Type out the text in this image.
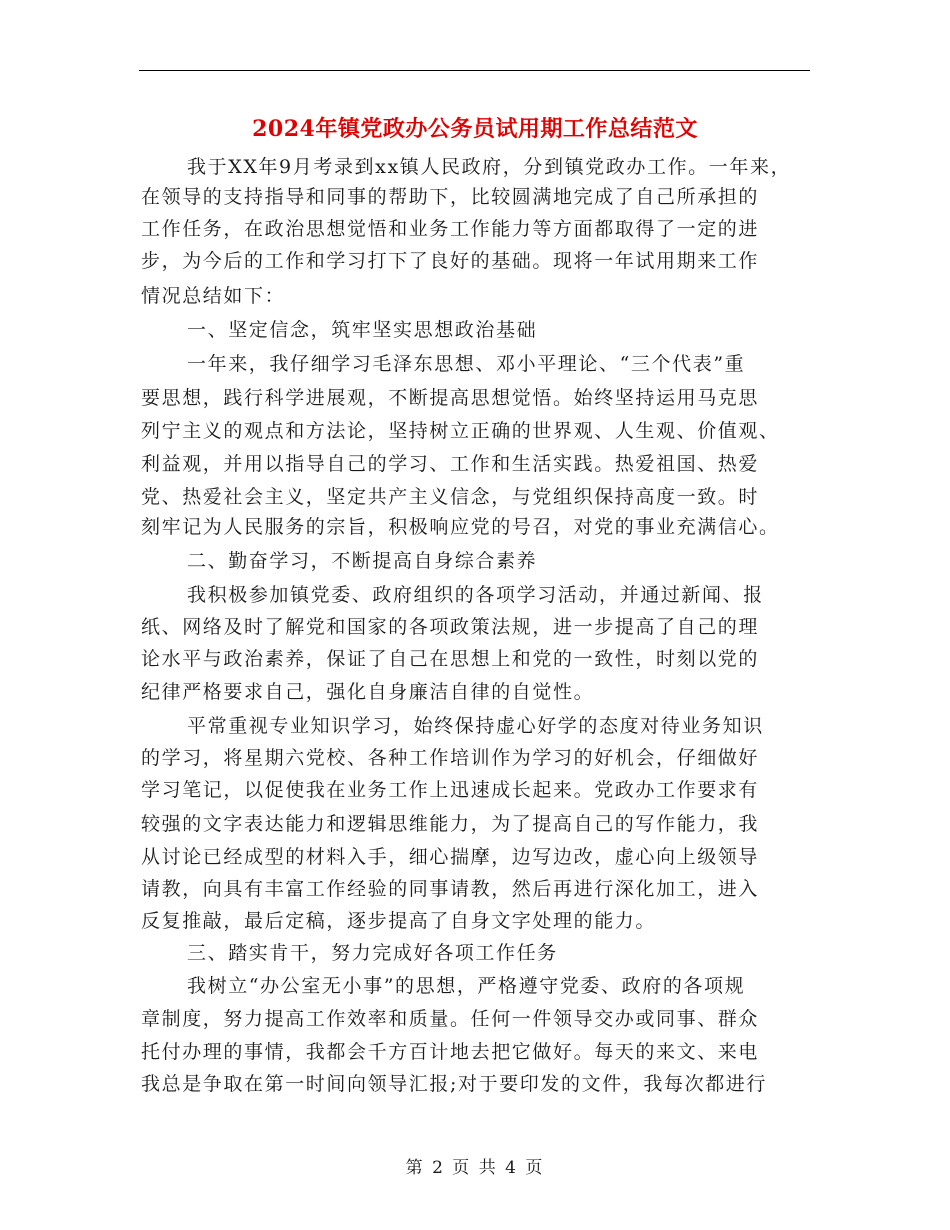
2024年镇党政办公务员试用期工作总结范文
我于XX年9月考录到xx镇人民政府，分到镇党政办工作。一年来，
在领导的支持指导和同事的帮助下，比较圆满地完成了自己所承担的
工作任务，在政治思想觉悟和业务工作能力等方面都取得了一定的进
步，为今后的工作和学习打下了良好的基础。现将一年试用期来工作
情况总结如下：
一、坚定信念，筑牢坚实思想政治基础
一年来，我仔细学习毛泽东思想、邓小平理论、“三个代表”重
要思想，践行科学进展观，不断提高思想觉悟。始终坚持运用马克思
列宁主义的观点和方法论，坚持树立正确的世界观、人生观、价值观、
利益观，并用以指导自己的学习、工作和生活实践。热爱祖国、热爱
党、热爱社会主义，坚定共产主义信念，与党组织保持高度一致。时
刻牢记为人民服务的宗旨，积极响应党的号召，对党的事业充满信心。
二、勤奋学习，不断提高自身综合素养
我积极参加镇党委、政府组织的各项学习活动，并通过新闻、报
纸、网络及时了解党和国家的各项政策法规，进一步提高了自己的理
论水平与政治素养，保证了自己在思想上和党的一致性，时刻以党的
纪律严格要求自己，强化自身廉洁自律的自觉性。
平常重视专业知识学习，始终保持虚心好学的态度对待业务知识
的学习，将星期六党校、各种工作培训作为学习的好机会，仔细做好
学习笔记，以促使我在业务工作上迅速成长起来。党政办工作要求有
较强的文字表达能力和逻辑思维能力，为了提高自己的写作能力，我
从讨论已经成型的材料入手，细心揣摩，边写边改，虚心向上级领导
请教，向具有丰富工作经验的同事请教，然后再进行深化加工，进入
反复推敲，最后定稿，逐步提高了自身文字处理的能力。
三、踏实肯干，努力完成好各项工作任务
我树立“办公室无小事”的思想，严格遵守党委、政府的各项规
章制度，努力提高工作效率和质量。任何一件领导交办或同事、群众
托付办理的事情，我都会千方百计地去把它做好。每天的来文、来电
我总是争取在第一时间向领导汇报;对于要印发的文件，我每次都进行
第 2 页 共 4 页
